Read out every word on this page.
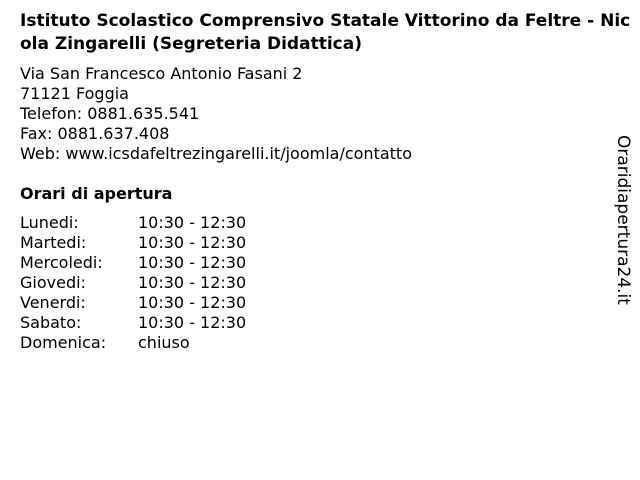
Istituto Scolastico Comprensivo Statale Vittorino da Feltre - Nicola Zingarelli (Segreteria Didattica)
Via San Francesco Antonio Fasani 2
71121 Foggia
Telefon: 0881.635.541
Fax: 0881.637.408
Web: www.icsdafeltrezingarelli.it/joomla/contatto
Orari di apertura
Lunedi:	10:30 - 12:30
Martedi:	10:30 - 12:30
Mercoledi:	10:30 - 12:30
Giovedi:	10:30 - 12:30
Venerdi:	10:30 - 12:30
Sabato:	10:30 - 12:30
Domenica:	chiuso
Oraridiapertura24.it
